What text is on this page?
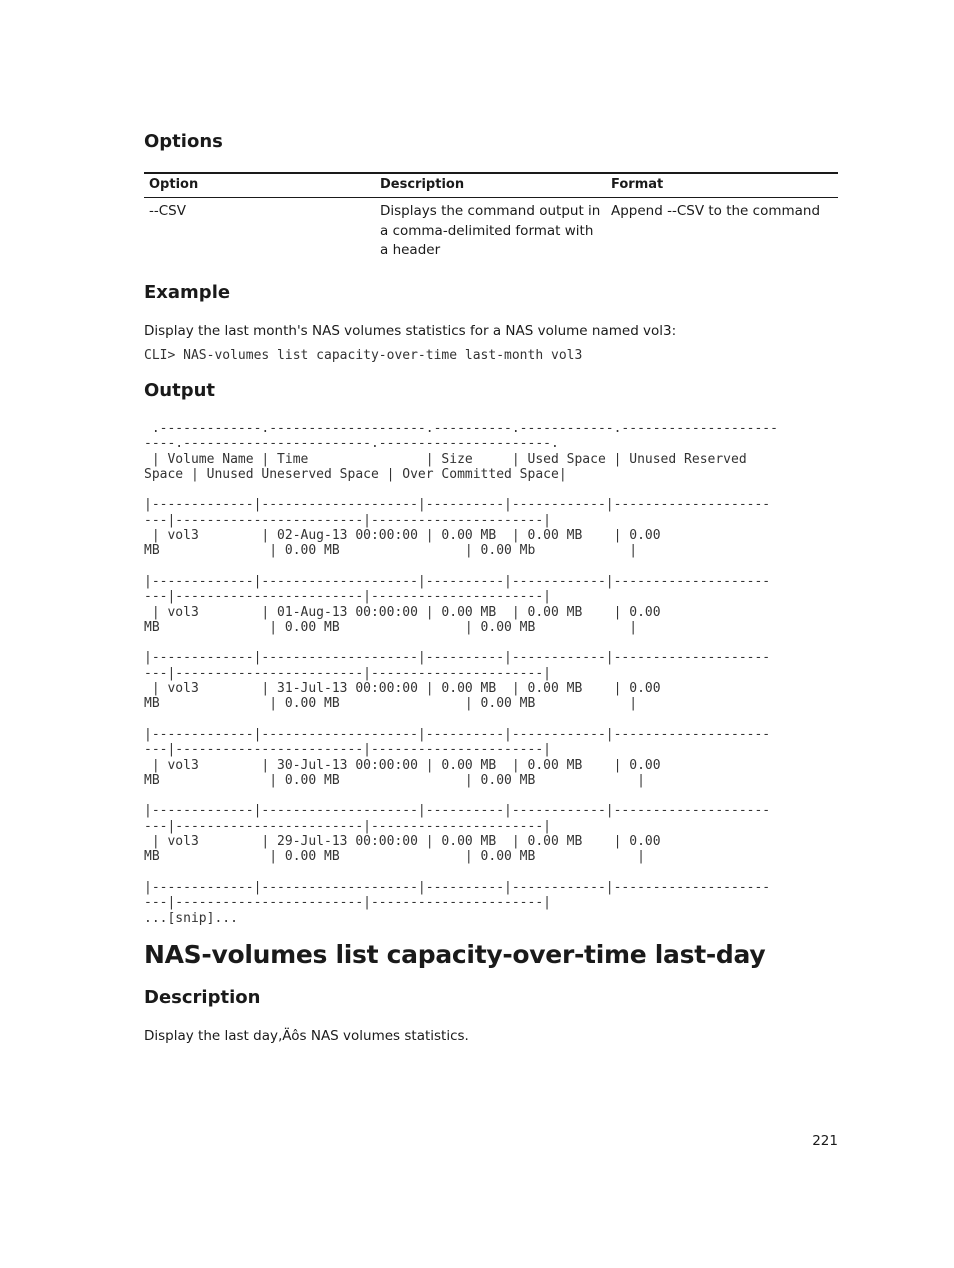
Options
Option	Description	Format
--CSV	Displays the command output in a comma-delimited format with a header	Append --CSV to the command
Example
Display the last month's NAS volumes statistics for a NAS volume named vol3:
CLI> NAS-volumes list capacity-over-time last-month vol3
Output
.-------------.--------------------.----------.------------.--------------------
----.------------------------.----------------------.
| Volume Name | Time               | Size     | Used Space | Unused Reserved
Space | Unused Uneserved Space | Over Committed Space|

|-------------|--------------------|----------|------------|--------------------
---|------------------------|----------------------|
| vol3        | 02-Aug-13 00:00:00 | 0.00 MB  | 0.00 MB    | 0.00
MB              | 0.00 MB                | 0.00 Mb            |

|-------------|--------------------|----------|------------|--------------------
---|------------------------|----------------------|
| vol3        | 01-Aug-13 00:00:00 | 0.00 MB  | 0.00 MB    | 0.00
MB              | 0.00 MB                | 0.00 MB            |

|-------------|--------------------|----------|------------|--------------------
---|------------------------|----------------------|
| vol3        | 31-Jul-13 00:00:00 | 0.00 MB  | 0.00 MB    | 0.00
MB              | 0.00 MB                | 0.00 MB            |

|-------------|--------------------|----------|------------|--------------------
---|------------------------|----------------------|
| vol3        | 30-Jul-13 00:00:00 | 0.00 MB  | 0.00 MB    | 0.00
MB              | 0.00 MB                | 0.00 MB             |

|-------------|--------------------|----------|------------|--------------------
---|------------------------|----------------------|
| vol3        | 29-Jul-13 00:00:00 | 0.00 MB  | 0.00 MB    | 0.00
MB              | 0.00 MB                | 0.00 MB             |

|-------------|--------------------|----------|------------|--------------------
---|------------------------|----------------------|
...[snip]...
NAS-volumes list capacity-over-time last-day
Description
Display the last day‚Äôs NAS volumes statistics.
221
